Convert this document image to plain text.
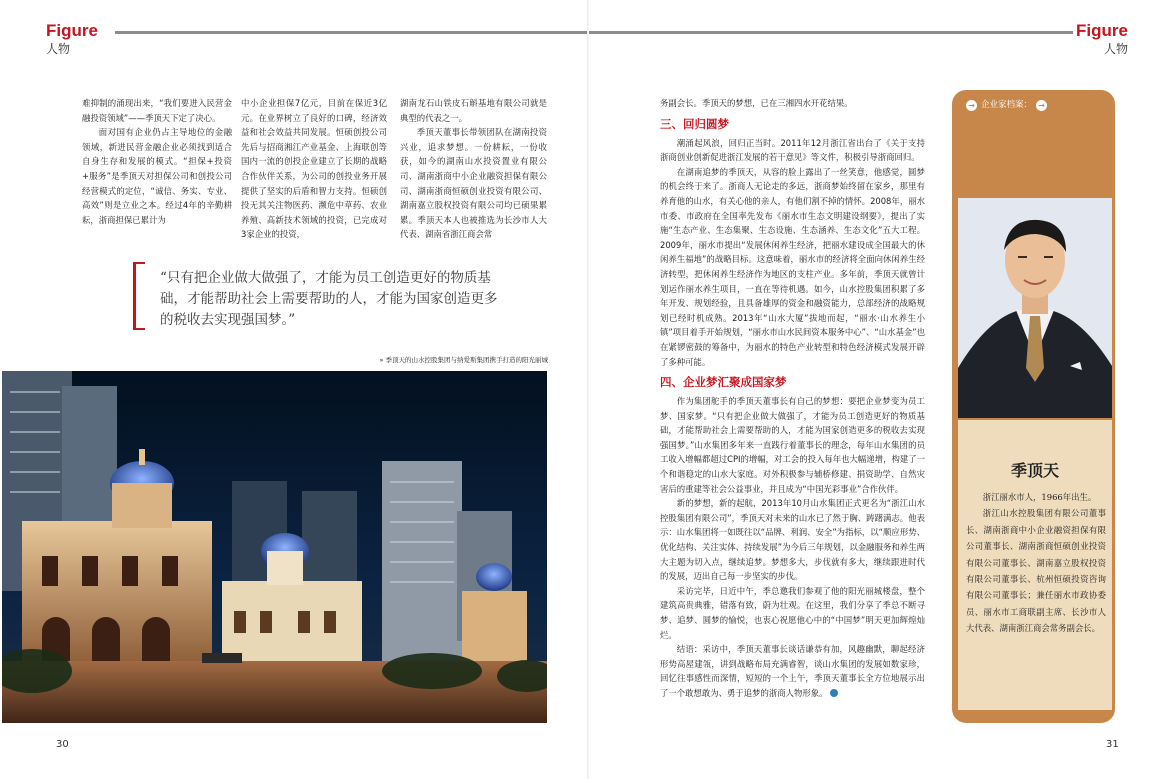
Figure
人物
Figure
人物

难抑制的涌现出来，“我们要进入民营金融投资领域”——季顶天下定了决心。

面对国有企业仍占主导地位的金融领域，新进民营金融企业必须找到适合自身生存和发展的模式。“担保+投资+服务”是季顶天对担保公司和创投公司经营模式的定位，“诚信、务实、专业、高效”则是立业之本。经过4年的辛勤耕耘，浙商担保已累计为

中小企业担保7亿元，目前在保近3亿元。在业界树立了良好的口碑，经济效益和社会效益共同发展。恒硕创投公司先后与招商湘江产业基金、上海联创等国内一流的创投企业建立了长期的战略合作伙伴关系，为公司的创投业务开展提供了坚实的后盾和智力支持。恒硕创投无其关注物医药、濒危中草药、农业养殖、高新技术领域的投资，已完成对3家企业的投资，

湖南龙石山铁皮石斛基地有限公司就是典型的代表之一。

季顶天董事长带领团队在湖南投资兴业，追求梦想。一份耕耘，一份收获，如今的湖南山水投资置业有限公司、湖南浙商中小企业融资担保有限公司、湖南浙商恒硕创业投资有限公司、湖南嘉立股权投资有限公司均已硕果累累。季顶天本人也被推选为长沙市人大代表、湖南省浙江商会常

“只有把企业做大做强了，才能为员工创造更好的物质基础，才能帮助社会上需要帮助的人，才能为国家创造更多的税收去实现强国梦。”
» 季顶天的山水控股集团与纳爱斯集团携手打造的阳光丽城
30

务副会长。季顶天的梦想，已在三湘四水开花结果。

三、回归圆梦

潮涌起风浪，回归正当时。2011年12月浙江省出台了《关于支持浙商创业创新促进浙江发展的若干意见》等文件，积极引导浙商回归。

在湖南追梦的季顶天，从容的脸上露出了一丝笑意，他感觉，圆梦的机会终于来了。浙商人无论走的多远，浙商梦始终留在家乡，那里有养育他的山水，有关心他的亲人，有他们割不掉的情怀。2008年，丽水市委、市政府在全国率先发布《丽水市生态文明建设纲要》，提出了实施“生态产业、生态集聚、生态设施、生态涵养、生态文化”五大工程。2009年，丽水市提出“发展休闲养生经济，把丽水建设成全国最大的休闲养生福地”的战略目标。这意味着，丽水市的经济将全面向休闲养生经济转型，把休闲养生经济作为地区的支柱产业。多年前，季顶天就曾计划运作丽水养生项目，一直在等待机遇。如今，山水控股集团积累了多年开发、规划经验，且具备雄厚的资金和融资能力，总部经济的战略规划已经时机成熟。2013年“山水大厦”拔地而起，“丽水·山水养生小镇”项目着手开始规划，“丽水市山水民间资本服务中心”、“山水基金”也在紧锣密鼓的筹备中，为丽水的特色产业转型和特色经济模式发展开辟了多种可能。

四、企业梦汇聚成国家梦

作为集团舵手的季顶天董事长有自己的梦想：要把企业梦变为员工梦、国家梦。“只有把企业做大做强了，才能为员工创造更好的物质基础，才能帮助社会上需要帮助的人，才能为国家创造更多的税收去实现强国梦。”山水集团多年来一直践行着董事长的理念，每年山水集团的员工收入增幅都超过CPI的增幅，对工会的投入每年也大幅递增，构建了一个和谐稳定的山水大家庭。对外积极参与辅桥修建、捐资助学、自然灾害后的重建等社会公益事业，并且成为“中国光彩事业”合作伙伴。

新的梦想，新的起航，2013年10月山水集团正式更名为“浙江山水控股集团有限公司”，季顶天对未来的山水已了然于胸、踌躇满志。他表示：山水集团将一如既往以“品牌、利润、安全”为指标，以“顺应形势、优化结构、关注实体、持续发展”为今后三年规划，以金融服务和养生两大主题为切入点，继续追梦。梦想多大，步伐就有多大，继续跟进时代的发展，迈出自己每一步坚实的步伐。

采访完毕，日近中午，季总邀我们参观了他的阳光丽城楼盘，整个建筑高贵典雅，错落有致，蔚为壮观。在这里，我们分享了季总不断寻梦、追梦、圆梦的愉悦，也衷心祝愿他心中的“中国梦”明天更加辉煌灿烂。

结语：采访中，季顶天董事长谈话谦恭有加，风趣幽默，聊起经济形势高屋建瓴，讲到战略布局充满睿智，谈山水集团的发展如数家珍，回忆往事感性而深情，短短的一个上午，季顶天董事长全方位地展示出了一个敢想敢为、勇于追梦的浙商人物形象。

→ 企业家档案： →
季顶天

浙江丽水市人，1966年出生。

浙江山水控股集团有限公司董事长、湖南浙商中小企业融资担保有限公司董事长、湖南浙商恒硕创业投资有限公司董事长、湖南嘉立股权投资有限公司董事长、杭州恒硕投资咨询有限公司董事长；兼任丽水市政协委员、丽水市工商联副主席、长沙市人大代表、湖南浙江商会常务副会长。

31
